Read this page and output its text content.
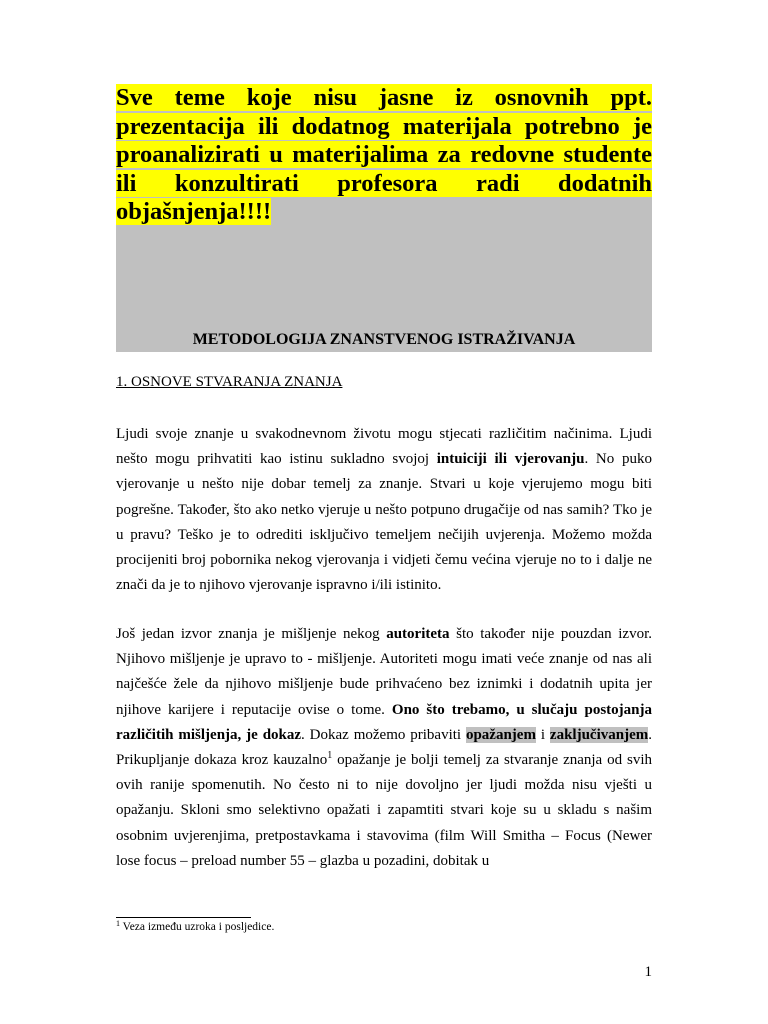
Sve teme koje nisu jasne iz osnovnih ppt. prezentacija ili dodatnog materijala potrebno je proanalizirati u materijalima za redovne studente ili konzultirati profesora radi dodatnih objašnjenja!!!!
METODOLOGIJA ZNANSTVENOG ISTRAŽIVANJA
1. OSNOVE STVARANJA ZNANJA

Ljudi svoje znanje u svakodnevnom životu mogu stjecati različitim načinima. Ljudi nešto mogu prihvatiti kao istinu sukladno svojoj intuiciji ili vjerovanju. No puko vjerovanje u nešto nije dobar temelj za znanje. Stvari u koje vjerujemo mogu biti pogrešne. Također, što ako netko vjeruje u nešto potpuno drugačije od nas samih? Tko je u pravu? Teško je to odrediti isključivo temeljem nečijih uvjerenja. Možemo možda procijeniti broj pobornika nekog vjerovanja i vidjeti čemu većina vjeruje no to i dalje ne znači da je to njihovo vjerovanje ispravno i/ili istinito.

Još jedan izvor znanja je mišljenje nekog autoriteta što također nije pouzdan izvor. Njihovo mišljenje je upravo to - mišljenje. Autoriteti mogu imati veće znanje od nas ali najčešće žele da njihovo mišljenje bude prihvaćeno bez iznimki i dodatnih upita jer njihove karijere i reputacije ovise o tome. Ono što trebamo, u slučaju postojanja različitih mišljenja, je dokaz. Dokaz možemo pribaviti opažanjem i zaključivanjem. Prikupljanje dokaza kroz kauzalno$^1$ opažanje je bolji temelj za stvaranje znanja od svih ovih ranije spomenutih. No često ni to nije dovoljno jer ljudi možda nisu vješti u opažanju. Skloni smo selektivno opažati i zapamtiti stvari koje su u skladu s našim osobnim uvjerenjima, pretpostavkama i stavovima (film Will Smitha – Focus (Newer lose focus – preload number 55 – glazba u pozadini, dobitak u

$^1$ Veza između uzroka i posljedice.
1
